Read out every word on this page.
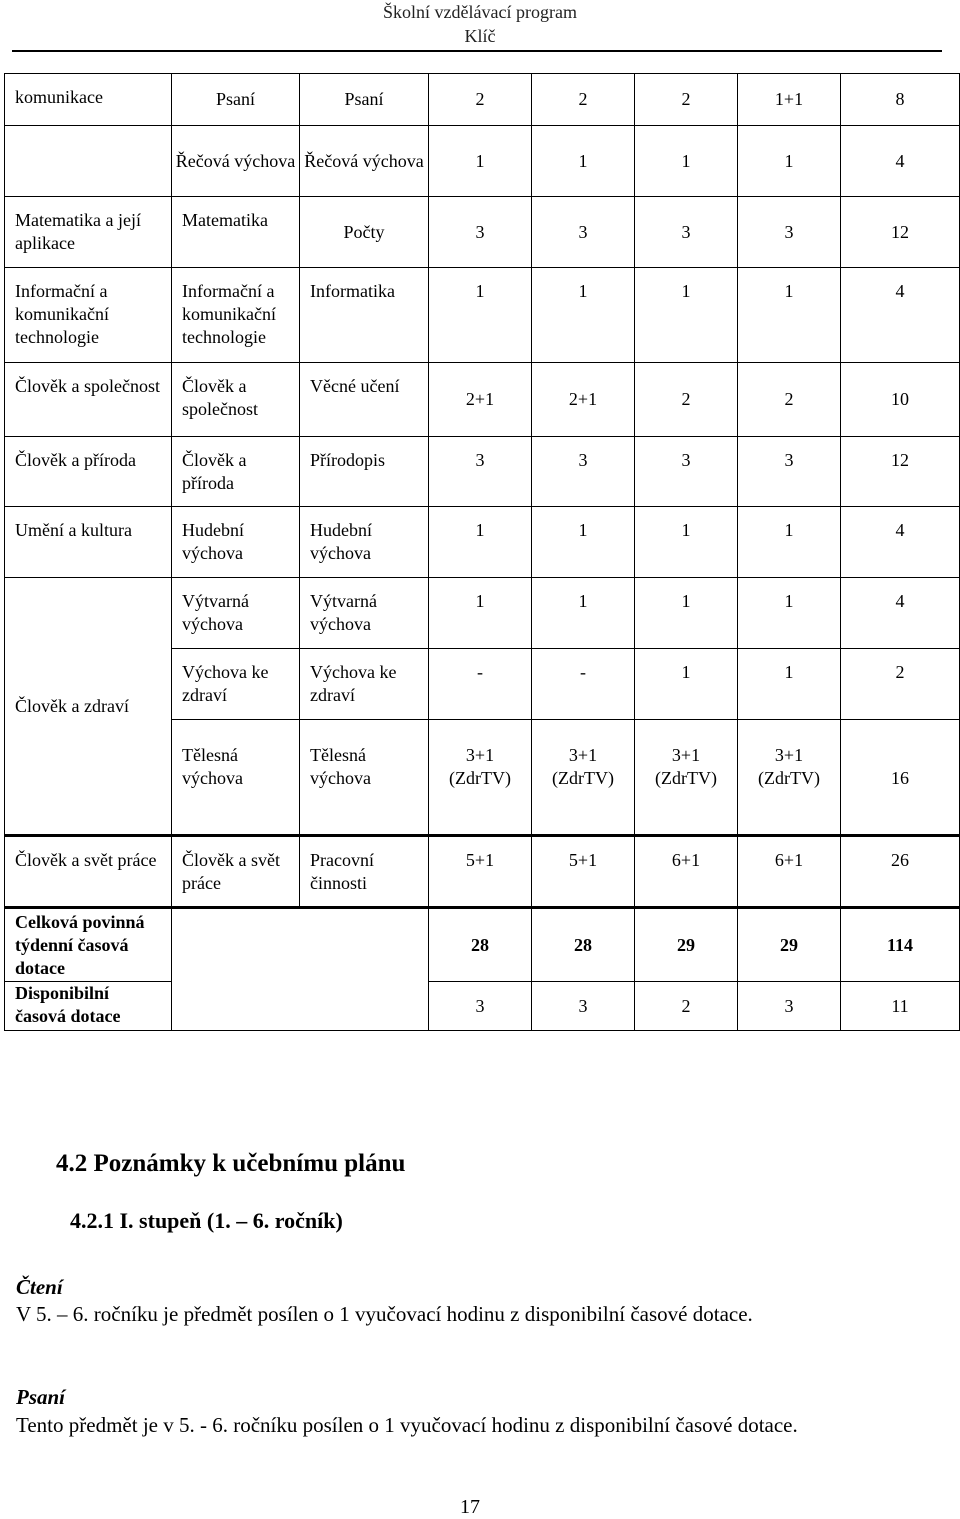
Školní vzdělávací program
Klíč
komunikace	Psaní	Psaní	2	2	2	1+1	8
	Řečová výchova	Řečová výchova	1	1	1	1	4
Matematika a její aplikace	Matematika	Počty	3	3	3	3	12
Informační a komunikační technologie	Informační a komunikační technologie	Informatika	1	1	1	1	4
Člověk a společnost	Člověk a společnost	Věcné učení	2+1	2+1	2	2	10
Člověk a příroda	Člověk a příroda	Přírodopis	3	3	3	3	12
Umění a kultura	Hudební výchova	Hudební výchova	1	1	1	1	4
Člověk a zdraví	Výtvarná výchova	Výtvarná výchova	1	1	1	1	4
	Výchova ke zdraví	Výchova ke zdraví	-	-	1	1	2
	Tělesná výchova	Tělesná výchova	3+1 (ZdrTV)	3+1 (ZdrTV)	3+1 (ZdrTV)	3+1 (ZdrTV)	16
Člověk a svět práce	Člověk a svět práce	Pracovní činnosti	5+1	5+1	6+1	6+1	26
Celková povinná týdenní časová dotace			28	28	29	29	114
Disponibilní časová dotace			3	3	2	3	11
4.2 Poznámky k učebnímu plánu
4.2.1 I. stupeň (1. – 6. ročník)
Čtení
V 5. – 6. ročníku je předmět posílen o 1 vyučovací hodinu z disponibilní časové dotace.
Psaní
Tento předmět je v 5. - 6. ročníku posílen o 1 vyučovací hodinu z disponibilní časové dotace.
17
